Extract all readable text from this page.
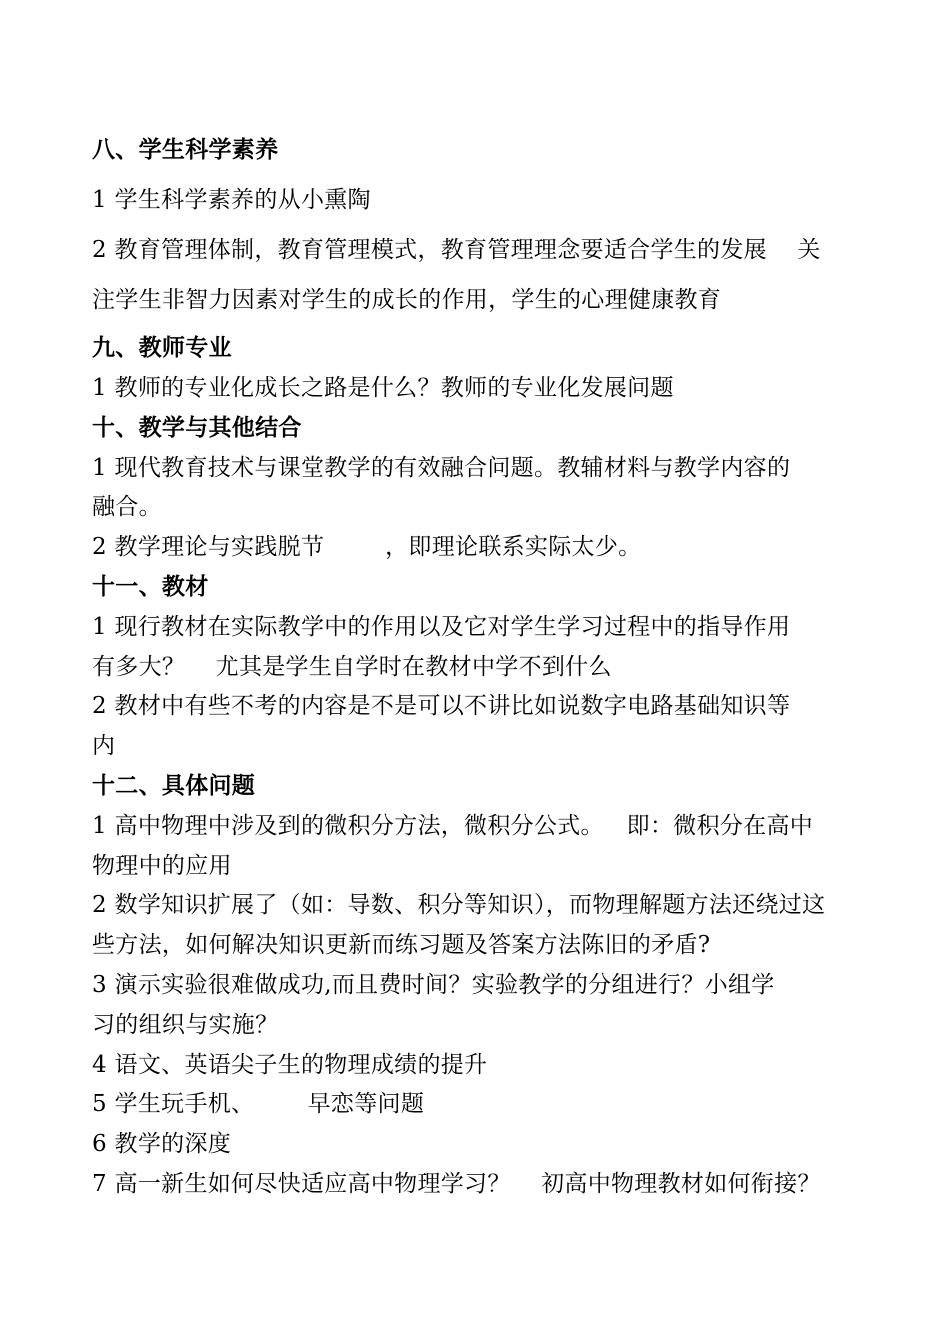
八、学生科学素养
1 学生科学素养的从小熏陶
2 教育管理体制，教育管理模式，教育管理理念要适合学生的发展    关
注学生非智力因素对学生的成长的作用，学生的心理健康教育
九、教师专业
1 教师的专业化成长之路是什么？教师的专业化发展问题
十、教学与其他结合
1 现代教育技术与课堂教学的有效融合问题。教辅材料与教学内容的
融合。
2 教学理论与实践脱节        ，即理论联系实际太少。
十一、教材
1 现行教材在实际教学中的作用以及它对学生学习过程中的指导作用
有多大？    尤其是学生自学时在教材中学不到什么
2 教材中有些不考的内容是不是可以不讲比如说数字电路基础知识等
内
十二、具体问题
1 高中物理中涉及到的微积分方法，微积分公式。   即：微积分在高中
物理中的应用
2 数学知识扩展了（如：导数、积分等知识），而物理解题方法还绕过这
些方法，如何解决知识更新而练习题及答案方法陈旧的矛盾?
3 演示实验很难做成功,而且费时间？实验教学的分组进行？小组学
习的组织与实施？
4 语文、英语尖子生的物理成绩的提升
5 学生玩手机、       早恋等问题
6 教学的深度
7 高一新生如何尽快适应高中物理学习？    初高中物理教材如何衔接？
